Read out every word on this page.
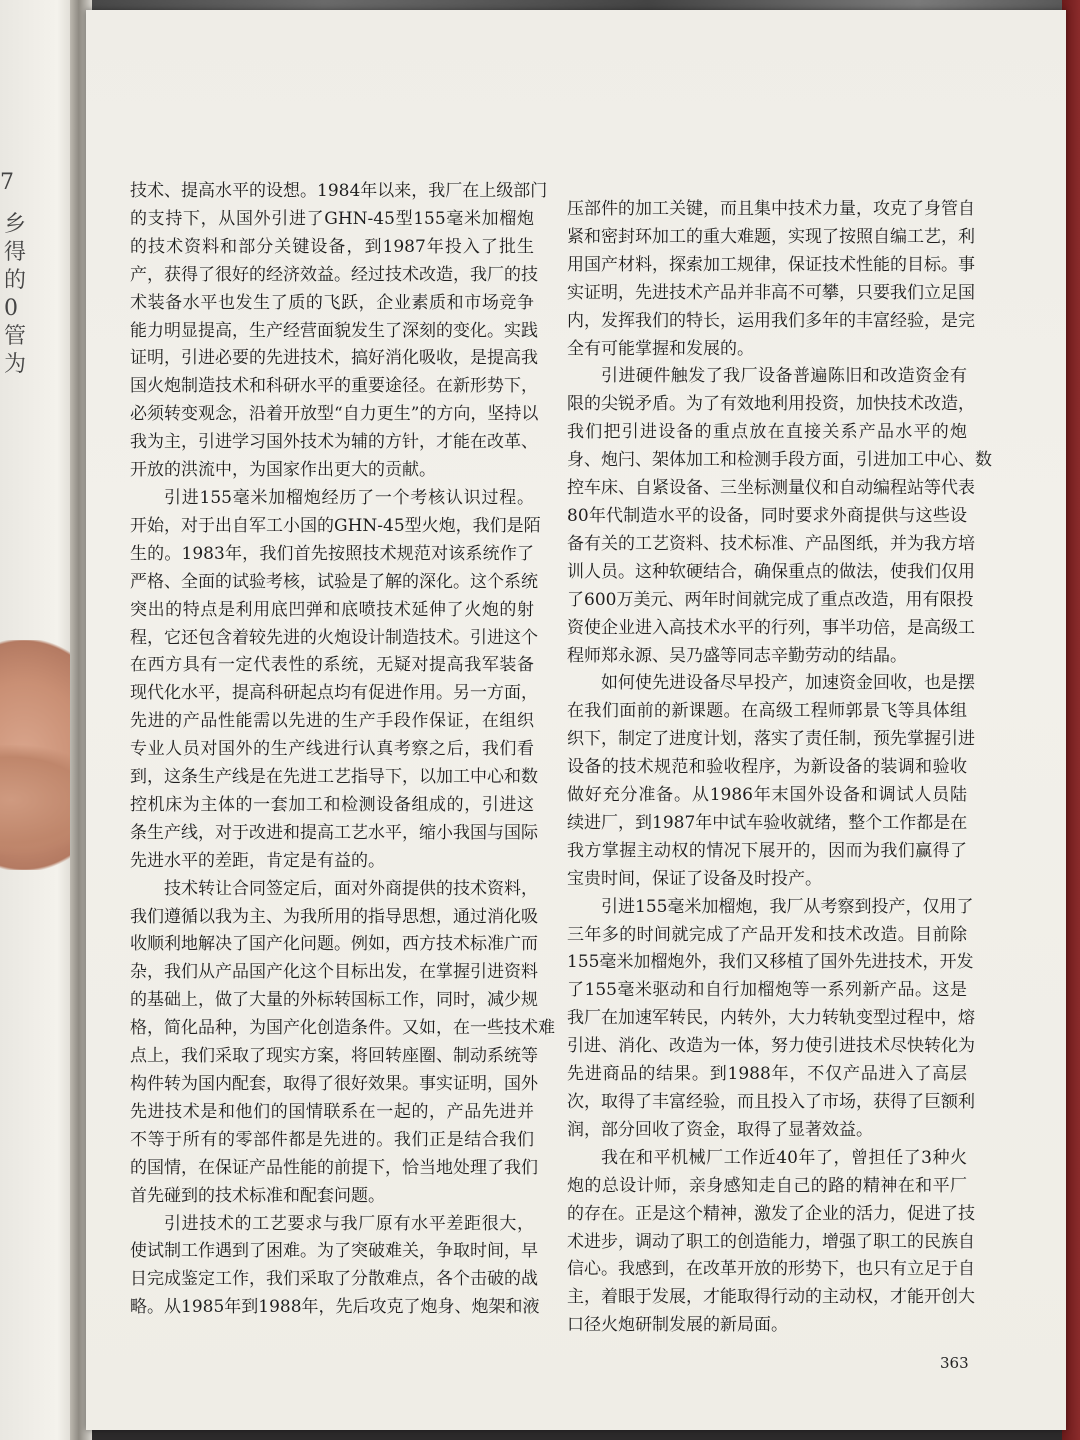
7
乡
得
的
0
管
为
技术、提高水平的设想。1984年以来，我厂在上级部门
的支持下，从国外引进了GHN-45型155毫米加榴炮
的技术资料和部分关键设备，到1987年投入了批生
产，获得了很好的经济效益。经过技术改造，我厂的技
术装备水平也发生了质的飞跃，企业素质和市场竞争
能力明显提高，生产经营面貌发生了深刻的变化。实践
证明，引进必要的先进技术，搞好消化吸收，是提高我
国火炮制造技术和科研水平的重要途径。在新形势下，
必须转变观念，沿着开放型“自力更生”的方向，坚持以
我为主，引进学习国外技术为辅的方针，才能在改革、
开放的洪流中，为国家作出更大的贡献。
引进155毫米加榴炮经历了一个考核认识过程。
开始，对于出自军工小国的GHN-45型火炮，我们是陌
生的。1983年，我们首先按照技术规范对该系统作了
严格、全面的试验考核，试验是了解的深化。这个系统
突出的特点是利用底凹弹和底喷技术延伸了火炮的射
程，它还包含着较先进的火炮设计制造技术。引进这个
在西方具有一定代表性的系统，无疑对提高我军装备
现代化水平，提高科研起点均有促进作用。另一方面，
先进的产品性能需以先进的生产手段作保证，在组织
专业人员对国外的生产线进行认真考察之后，我们看
到，这条生产线是在先进工艺指导下，以加工中心和数
控机床为主体的一套加工和检测设备组成的，引进这
条生产线，对于改进和提高工艺水平，缩小我国与国际
先进水平的差距，肯定是有益的。
技术转让合同签定后，面对外商提供的技术资料，
我们遵循以我为主、为我所用的指导思想，通过消化吸
收顺利地解决了国产化问题。例如，西方技术标准广而
杂，我们从产品国产化这个目标出发，在掌握引进资料
的基础上，做了大量的外标转国标工作，同时，减少规
格，简化品种，为国产化创造条件。又如，在一些技术难
点上，我们采取了现实方案，将回转座圈、制动系统等
构件转为国内配套，取得了很好效果。事实证明，国外
先进技术是和他们的国情联系在一起的，产品先进并
不等于所有的零部件都是先进的。我们正是结合我们
的国情，在保证产品性能的前提下，恰当地处理了我们
首先碰到的技术标准和配套问题。
引进技术的工艺要求与我厂原有水平差距很大，
使试制工作遇到了困难。为了突破难关，争取时间，早
日完成鉴定工作，我们采取了分散难点，各个击破的战
略。从1985年到1988年，先后攻克了炮身、炮架和液
压部件的加工关键，而且集中技术力量，攻克了身管自
紧和密封环加工的重大难题，实现了按照自编工艺，利
用国产材料，探索加工规律，保证技术性能的目标。事
实证明，先进技术产品并非高不可攀，只要我们立足国
内，发挥我们的特长，运用我们多年的丰富经验，是完
全有可能掌握和发展的。
引进硬件触发了我厂设备普遍陈旧和改造资金有
限的尖锐矛盾。为了有效地利用投资，加快技术改造，
我们把引进设备的重点放在直接关系产品水平的炮
身、炮闩、架体加工和检测手段方面，引进加工中心、数
控车床、自紧设备、三坐标测量仪和自动编程站等代表
80年代制造水平的设备，同时要求外商提供与这些设
备有关的工艺资料、技术标准、产品图纸，并为我方培
训人员。这种软硬结合，确保重点的做法，使我们仅用
了600万美元、两年时间就完成了重点改造，用有限投
资使企业进入高技术水平的行列，事半功倍，是高级工
程师郑永源、吴乃盛等同志辛勤劳动的结晶。
如何使先进设备尽早投产，加速资金回收，也是摆
在我们面前的新课题。在高级工程师郭景飞等具体组
织下，制定了进度计划，落实了责任制，预先掌握引进
设备的技术规范和验收程序，为新设备的装调和验收
做好充分准备。从1986年末国外设备和调试人员陆
续进厂，到1987年中试车验收就绪，整个工作都是在
我方掌握主动权的情况下展开的，因而为我们赢得了
宝贵时间，保证了设备及时投产。
引进155毫米加榴炮，我厂从考察到投产，仅用了
三年多的时间就完成了产品开发和技术改造。目前除
155毫米加榴炮外，我们又移植了国外先进技术，开发
了155毫米驱动和自行加榴炮等一系列新产品。这是
我厂在加速军转民，内转外，大力转轨变型过程中，熔
引进、消化、改造为一体，努力使引进技术尽快转化为
先进商品的结果。到1988年，不仅产品进入了高层
次，取得了丰富经验，而且投入了市场，获得了巨额利
润，部分回收了资金，取得了显著效益。
我在和平机械厂工作近40年了，曾担任了3种火
炮的总设计师，亲身感知走自己的路的精神在和平厂
的存在。正是这个精神，激发了企业的活力，促进了技
术进步，调动了职工的创造能力，增强了职工的民族自
信心。我感到，在改革开放的形势下，也只有立足于自
主，着眼于发展，才能取得行动的主动权，才能开创大
口径火炮研制发展的新局面。
363
